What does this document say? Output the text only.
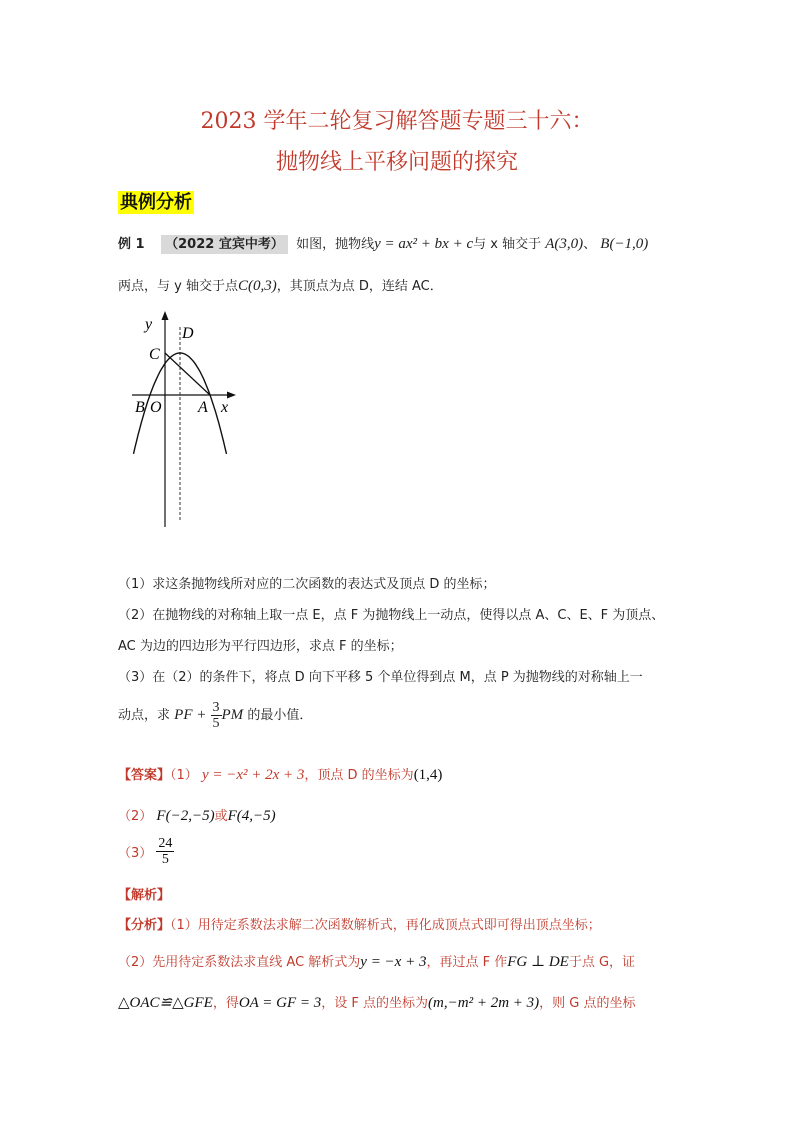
2023 学年二轮复习解答题专题三十六：
抛物线上平移问题的探究
典例分析
例 1 （2022 宜宾中考） 如图，抛物线y = ax² + bx + c与 x 轴交于 A(3,0)、 B(−1,0)
两点，与 y 轴交于点C(0,3)，其顶点为点 D，连结 AC．
y
x
D
C
B O A
（1）求这条抛物线所对应的二次函数的表达式及顶点 D 的坐标；
（2）在抛物线的对称轴上取一点 E，点 F 为抛物线上一动点，使得以点 A、C、E、F 为顶点、
AC 为边的四边形为平行四边形，求点 F 的坐标；
（3）在（2）的条件下，将点 D 向下平移 5 个单位得到点 M，点 P 为抛物线的对称轴上一
动点，求 PF + $\frac{3}{5}$ PM 的最小值．
【答案】（1） y = −x² + 2x + 3，顶点 D 的坐标为(1,4)
（2） F(−2,−5)或F(4,−5)
$(3) \frac{24}{5}$
【解析】
【分析】（1）用待定系数法求解二次函数解析式，再化成顶点式即可得出顶点坐标；
（2）先用待定系数法求直线 AC 解析式为y = −x + 3，再过点 F 作FG ⊥ DE于点 G，证
△OAC≌△GFE，得OA = GF = 3，设 F 点的坐标为(m,−m² + 2m + 3)，则 G 点的坐标
